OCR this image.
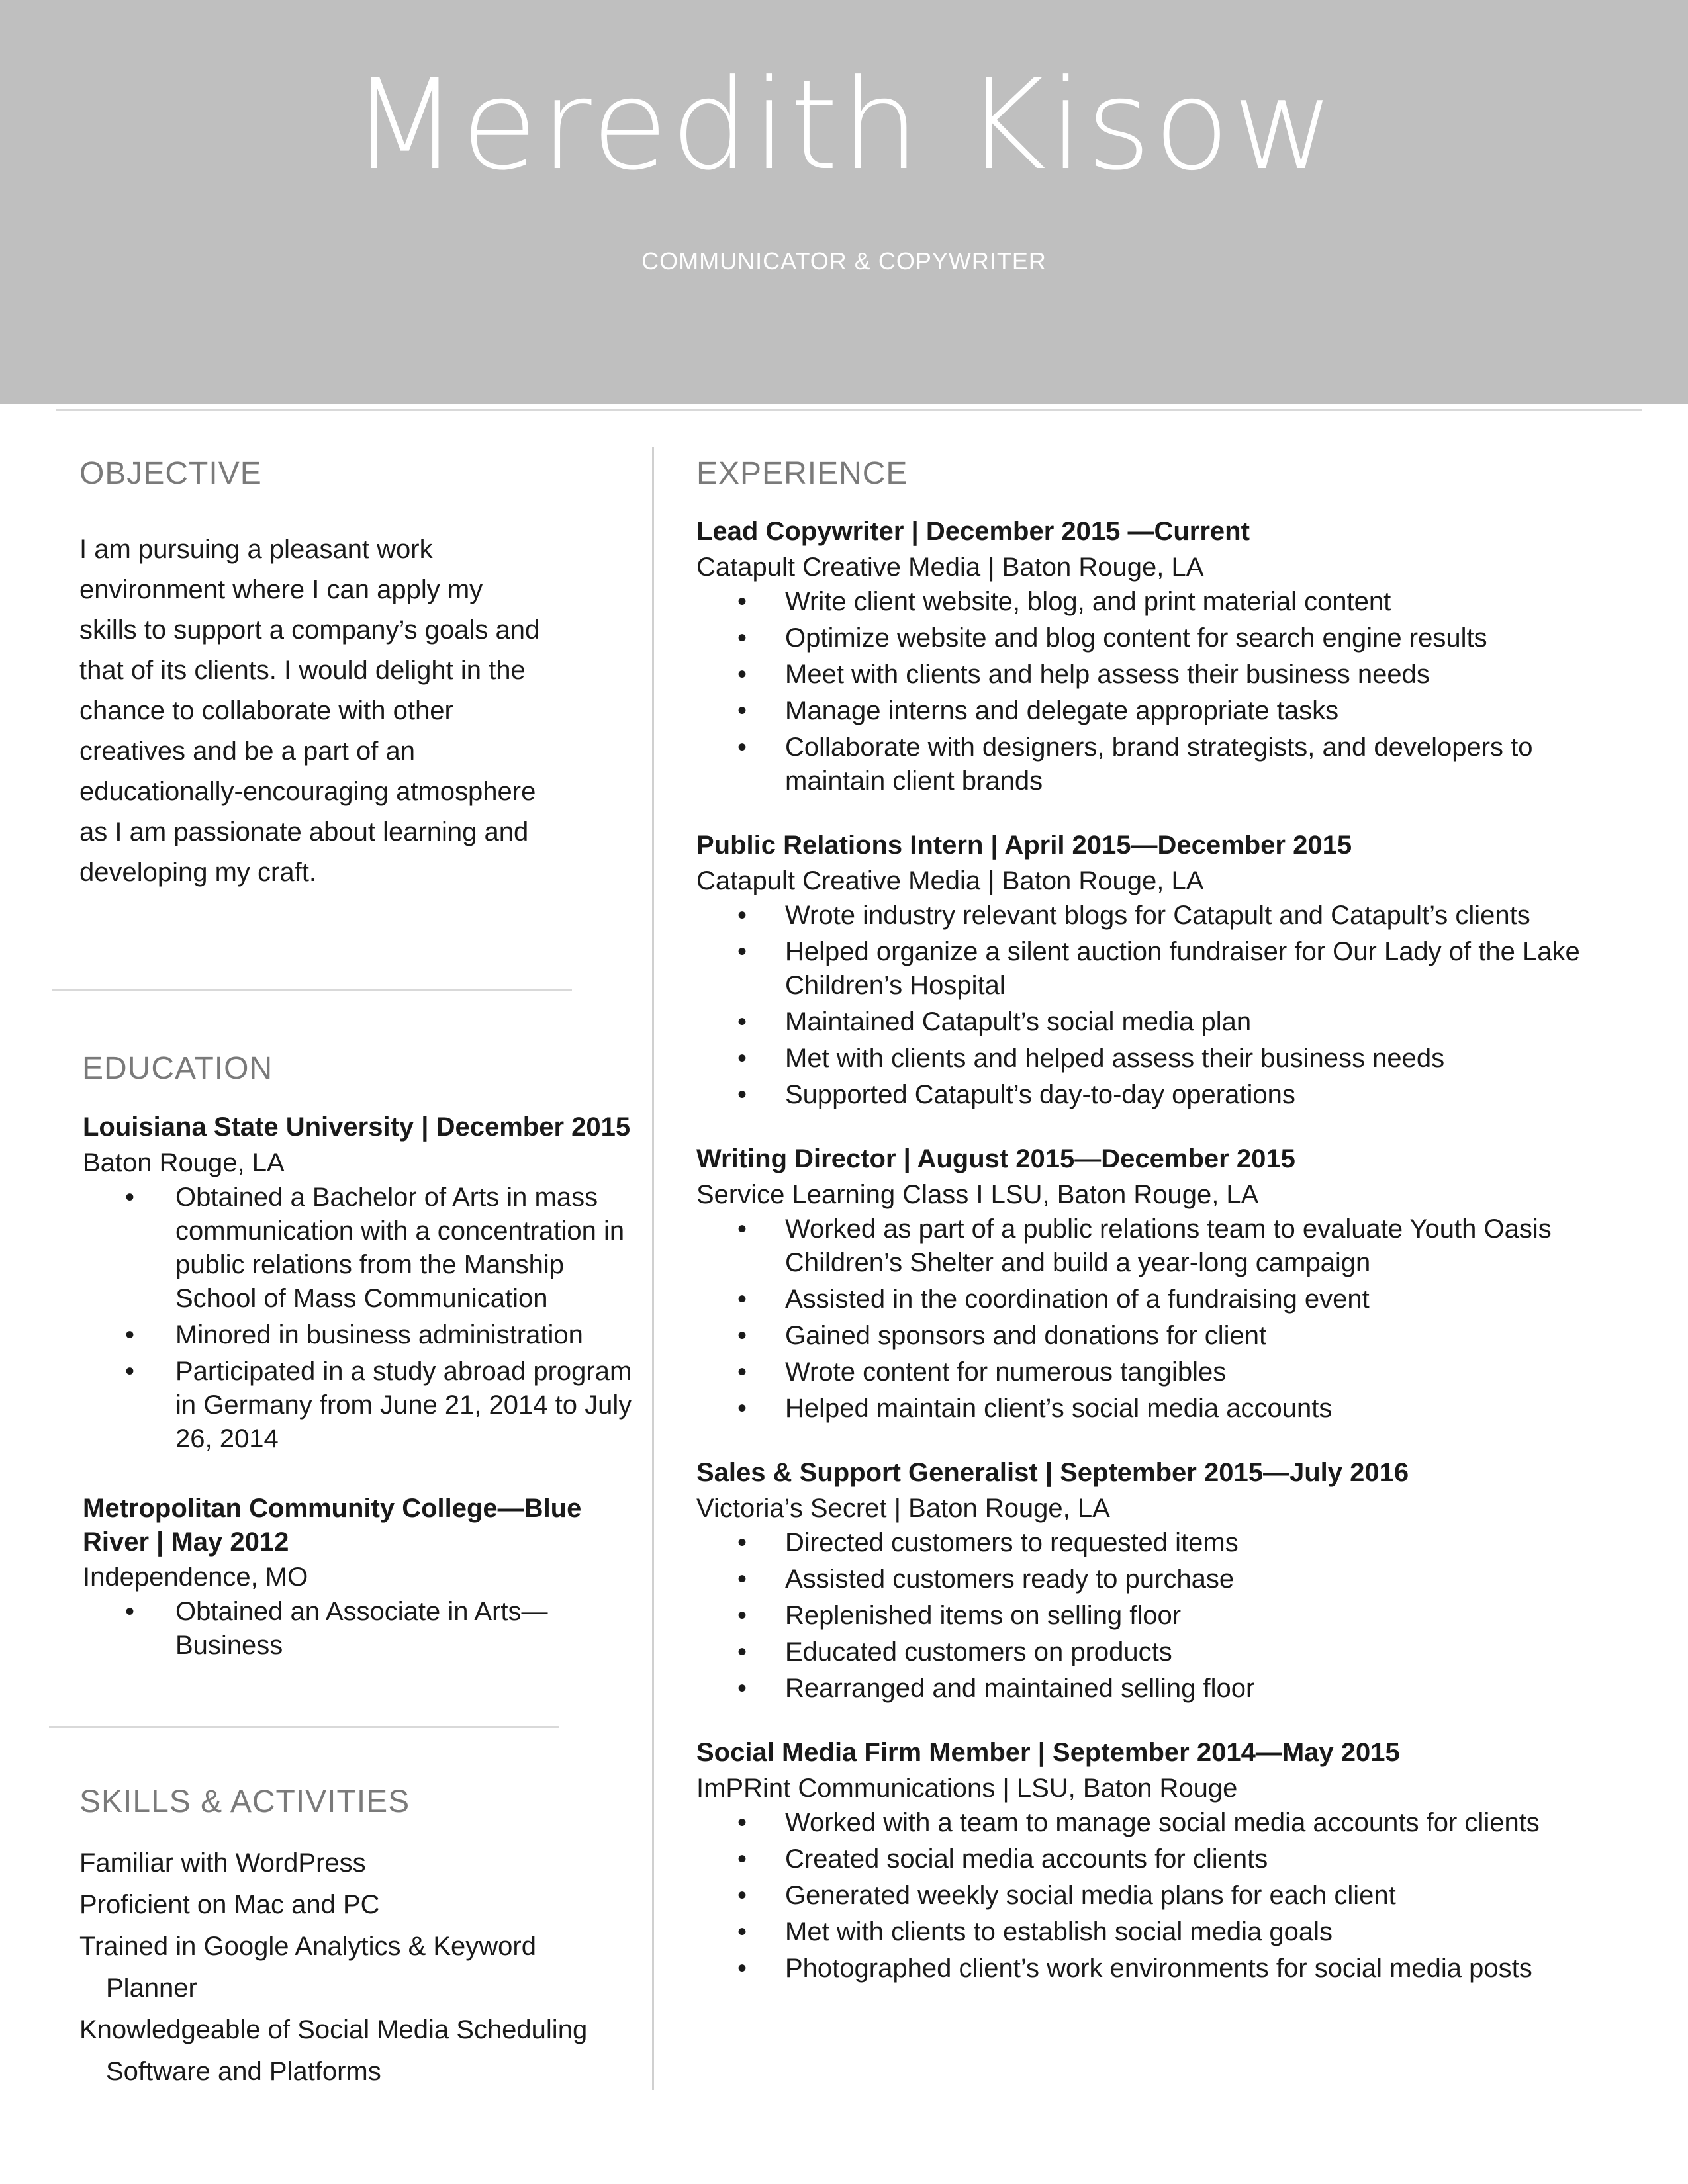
Meredith Kisow
COMMUNICATOR & COPYWRITER
OBJECTIVE
I am pursuing a pleasant work
environment where I can apply my
skills to support a company’s goals and
that of its clients. I would delight in the
chance to collaborate with other
creatives and be a part of an
educationally-encouraging atmosphere
as I am passionate about learning and
developing my craft.
EDUCATION
Louisiana State University | December 2015
Baton Rouge, LA
• Obtained a Bachelor of Arts in mass communication with a concentration in public relations from the Manship School of Mass Communication
• Minored in business administration
• Participated in a study abroad program in Germany from June 21, 2014 to July 26, 2014
Metropolitan Community College—Blue River | May 2012
Independence, MO
• Obtained an Associate in Arts—Business
SKILLS & ACTIVITIES
Familiar with WordPress
Proficient on Mac and PC
Trained in Google Analytics & Keyword Planner
Knowledgeable of Social Media Scheduling Software and Platforms
EXPERIENCE
Lead Copywriter | December 2015 —Current
Catapult Creative Media | Baton Rouge, LA
• Write client website, blog, and print material content
• Optimize website and blog content for search engine results
• Meet with clients and help assess their business needs
• Manage interns and delegate appropriate tasks
• Collaborate with designers, brand strategists, and developers to maintain client brands
Public Relations Intern | April 2015—December 2015
Catapult Creative Media | Baton Rouge, LA
• Wrote industry relevant blogs for Catapult and Catapult’s clients
• Helped organize a silent auction fundraiser for Our Lady of the Lake Children’s Hospital
• Maintained Catapult’s social media plan
• Met with clients and helped assess their business needs
• Supported Catapult’s day-to-day operations
Writing Director | August 2015—December 2015
Service Learning Class I LSU, Baton Rouge, LA
• Worked as part of a public relations team to evaluate Youth Oasis Children’s Shelter and build a year-long campaign
• Assisted in the coordination of a fundraising event
• Gained sponsors and donations for client
• Wrote content for numerous tangibles
• Helped maintain client’s social media accounts
Sales & Support Generalist | September 2015—July 2016
Victoria’s Secret | Baton Rouge, LA
• Directed customers to requested items
• Assisted customers ready to purchase
• Replenished items on selling floor
• Educated customers on products
• Rearranged and maintained selling floor
Social Media Firm Member | September 2014—May 2015
ImPRint Communications | LSU, Baton Rouge
• Worked with a team to manage social media accounts for clients
• Created social media accounts for clients
• Generated weekly social media plans for each client
• Met with clients to establish social media goals
• Photographed client’s work environments for social media posts
